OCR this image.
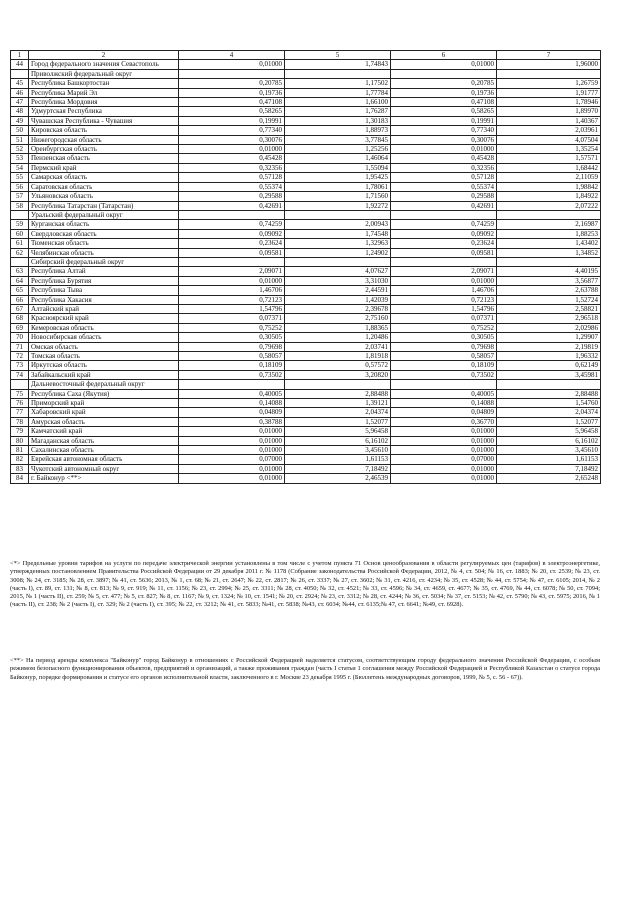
1	2	4	5	6	7
44	Город федерального значения Севастополь	0,01000	1,74843	0,01000	1,96000
	Приволжский федеральный округ				
45	Республика Башкортостан	0,20785	1,17502	0,20785	1,26759
46	Республика Марий Эл	0,19736	1,77784	0,19736	1,91777
47	Республика Мордовия	0,47108	1,66100	0,47108	1,78946
48	Удмуртская Республика	0,58265	1,76287	0,58265	1,89970
49	Чувашская Республика - Чувашия	0,19991	1,30183	0,19991	1,40367
50	Кировская область	0,77340	1,88973	0,77340	2,03961
51	Нижегородская область	0,30076	3,77845	0,30076	4,07504
52	Оренбургская область	0,01000	1,25256	0,01000	1,35254
53	Пензенская область	0,45428	1,46064	0,45428	1,57571
54	Пермский край	0,32356	1,55094	0,32356	1,68442
55	Самарская область	0,57128	1,95425	0,57128	2,11059
56	Саратовская область	0,55374	1,78061	0,55374	1,98842
57	Ульяновская область	0,29588	1,71560	0,29588	1,84922
58	Республика Татарстан (Татарстан)	0,42691	1,92272	0,42691	2,07222
	Уральский федеральный округ				
59	Курганская область	0,74259	2,00943	0,74259	2,16987
60	Свердловская область	0,09092	1,74548	0,09092	1,88253
61	Тюменская область	0,23624	1,32963	0,23624	1,43402
62	Челябинская область	0,09581	1,24902	0,09581	1,34852
	Сибирский федеральный округ				
63	Республика Алтай	2,09071	4,07627	2,09071	4,40195
64	Республика Бурятия	0,01000	3,31030	0,01000	3,56877
65	Республика Тыва	1,46706	2,44591	1,46706	2,63788
66	Республика Хакасия	0,72123	1,42039	0,72123	1,52724
67	Алтайский край	1,54796	2,39678	1,54796	2,58821
68	Красноярский край	0,07371	2,75160	0,07371	2,96518
69	Кемеровская область	0,75252	1,88365	0,75252	2,02986
70	Новосибирская область	0,30505	1,20486	0,30505	1,29907
71	Омская область	0,79698	2,03741	0,79698	2,19819
72	Томская область	0,58057	1,81918	0,58057	1,96332
73	Иркутская область	0,18109	0,57572	0,18109	0,62149
74	Забайкальский край	0,73502	3,20820	0,73502	3,45981
	Дальневосточный федеральный округ				
75	Республика Саха (Якутия)	0,40005	2,88488	0,40005	2,88488
76	Приморский край	0,14088	1,39121	0,14088	1,54760
77	Хабаровский край	0,04809	2,04374	0,04809	2,04374
78	Амурская область	0,38788	1,52077	0,36770	1,52077
79	Камчатский край	0,01000	5,96458	0,01000	5,96458
80	Магаданская область	0,01000	6,16102	0,01000	6,16102
81	Сахалинская область	0,01000	3,45610	0,01000	3,45610
82	Еврейская автономная область	0,07000	1,61153	0,07000	1,61153
83	Чукотский автономный округ	0,01000	7,18492	0,01000	7,18492
84	г. Байконур <**>	0,01000	2,46539	0,01000	2,65248

<*> Предельные уровни тарифов на услуги по передаче электрической энергии установлены в том числе с учетом пункта 71 Основ ценообразования в области регулируемых цен (тарифов) в электроэнергетике, утвержденных постановлением Правительства Российской Федерации от 29 декабря 2011 г. № 1178 (Собрание законодательства Российской Федерации, 2012, № 4, ст. 504; № 16, ст. 1883; № 20, ст. 2539; № 23, ст. 3008; № 24, ст. 3185; № 28, ст. 3897; № 41, ст. 5636; 2013, № 1, ст. 68; № 21, ст. 2647; № 22, ст. 2817; № 26, ст. 3337; № 27, ст. 3602; № 31, ст. 4216, ст. 4234; № 35, ст. 4528; № 44, ст. 5754; № 47, ст. 6105; 2014, № 2 (часть I), ст. 89, ст. 131; № 8, ст. 813; № 9, ст. 919; № 11, ст. 1156; № 23, ст. 2994; № 25, ст. 3311; № 28, ст. 4050; № 32, ст. 4521; № 33, ст. 4596; № 34, ст. 4659, ст. 4677; № 35, ст. 4769, № 44, ст. 6078; № 50, ст. 7094; 2015, № 1 (часть II), ст. 259; № 5, ст. 477; № 5, ст. 827; № 8, ст. 1167; № 9, ст. 1324; № 10, ст. 1541; № 20, ст. 2924; № 23, ст. 3312; № 28, ст. 4244; № 36, ст. 5034; № 37, ст. 5153; № 42, ст. 5790; № 43, ст. 5975; 2016, № 1 (часть II), ст. 238; № 2 (часть I), ст. 329; № 2 (часть I), ст. 395; № 22, ст. 3212; № 41, ст. 5833; №41, ст. 5838; №43, ст. 6034; №44, ст. 6135;№ 47, ст. 6641; №49, ст. 6928).

<**> На период аренды комплекса "Байконур" город Байконур в отношениях с Российской Федерацией наделяется статусом, соответствующим городу федерального значения Российской Федерации, с особым режимом безопасного функционирования объектов, предприятий и организаций, а также проживания граждан (часть I статьи 1 соглашения между Российской Федерацией и Республикой Казахстан о статусе города Байконур, порядке формирования и статусе его органов исполнительной власти, заключенного в г. Москве 23 декабря 1995 г. (Бюллетень международных договоров, 1999, № 5, с. 56 - 67)).
